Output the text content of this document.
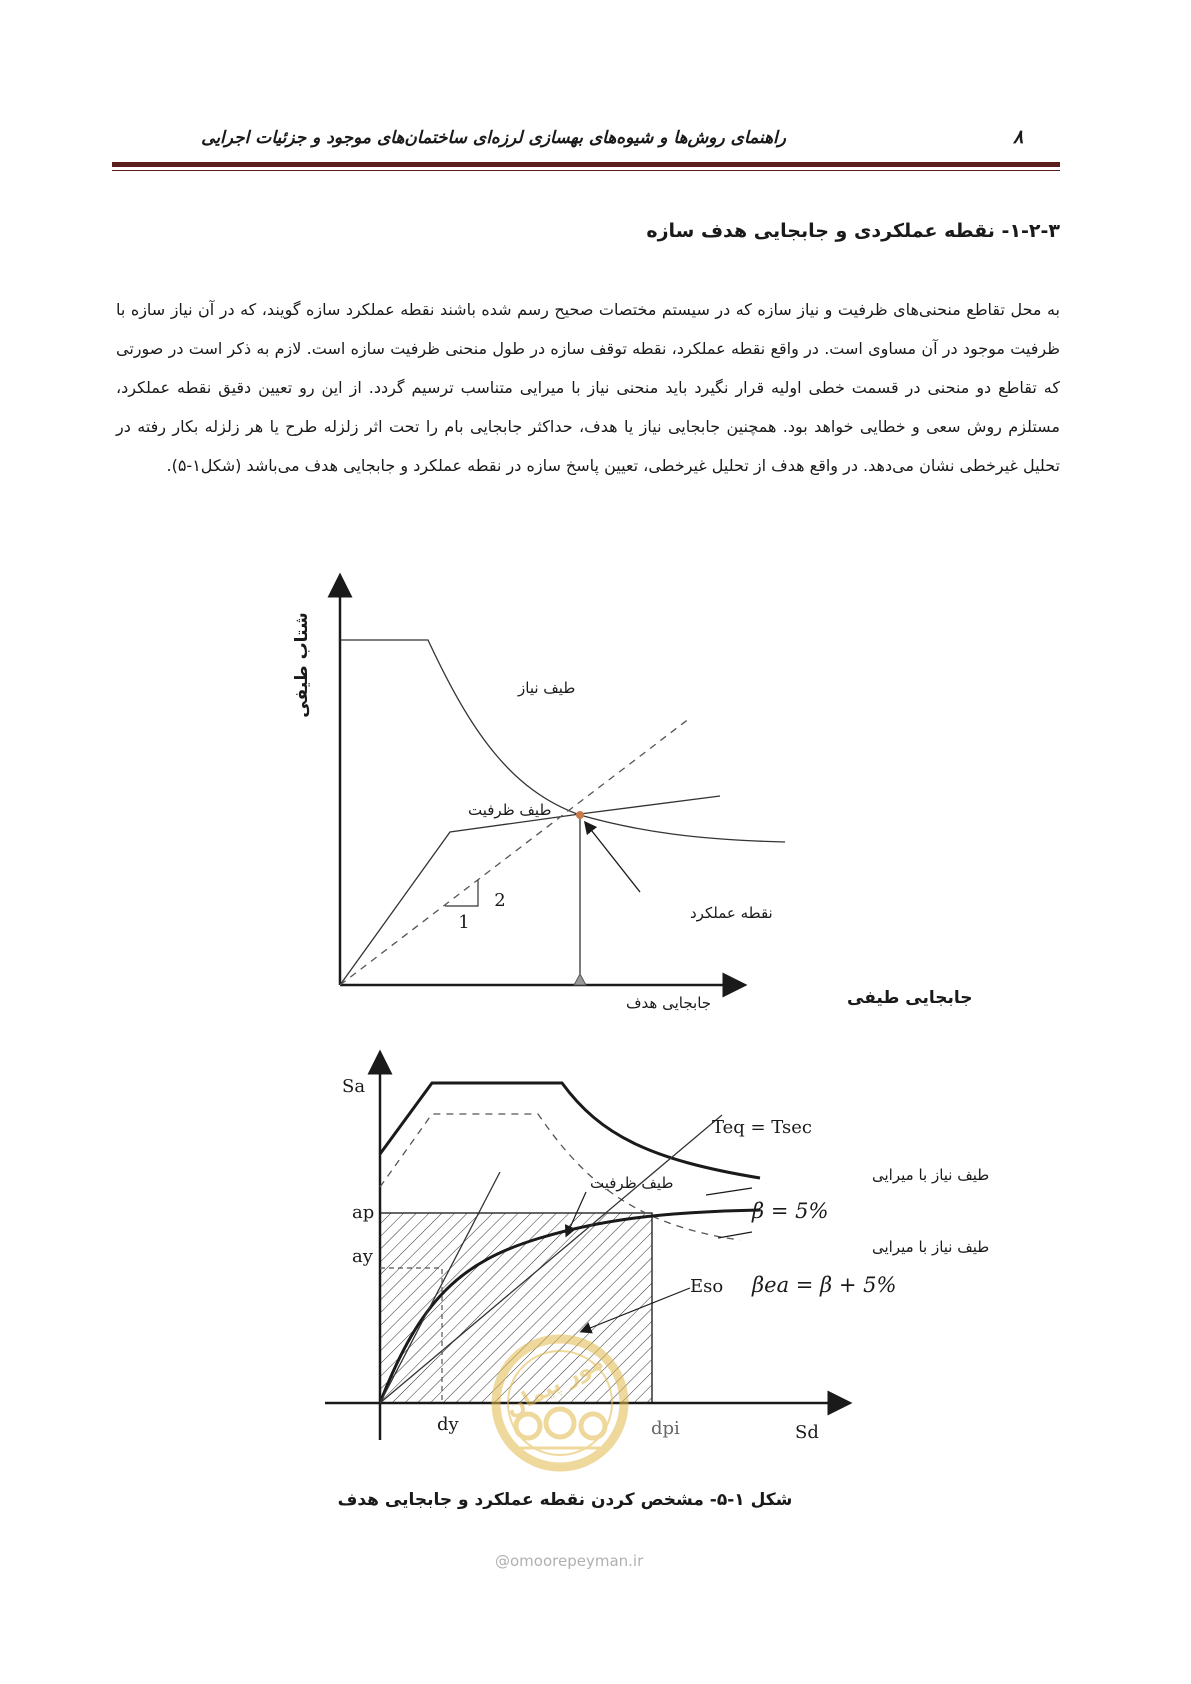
راهنمای روش‌ها و شیوه‌های بهسازی لرزه‌ای ساختمان‌های موجود و جزئیات اجرایی	۸
۱-۲-۳- نقطه عملکردی و جابجایی هدف سازه

به محل تقاطع منحنی‌های ظرفیت و نیاز سازه که در سیستم مختصات صحیح رسم شده باشند نقطه عملکرد سازه گویند، که در آن نیاز سازه با ظرفیت موجود در آن مساوی است. در واقع نقطه عملکرد، نقطه توقف سازه در طول منحنی ظرفیت سازه است. لازم به ذکر است در صورتی که تقاطع دو منحنی در قسمت خطی اولیه قرار نگیرد باید منحنی نیاز با میرایی متناسب ترسیم گردد. از این رو تعیین دقیق نقطه عملکرد، مستلزم روش سعی و خطایی خواهد بود. همچنین جابجایی نیاز یا هدف، حداکثر جابجایی بام را تحت اثر زلزله طرح یا هر زلزله بکار رفته در تحلیل غیرخطی نشان می‌دهد. در واقع هدف از تحلیل غیرخطی، تعیین پاسخ سازه در نقطه عملکرد و جابجایی هدف می‌باشد (شکل۱-۵).

1
2
شتاب طیفی
جابجایی طیفی
طیف نیاز
طیف ظرفیت
نقطه عملکرد
جابجایی هدف
Sa
Sd
ap
ay
dy	dpi
Teq = Tsec
طیف ظرفیت	طیف نیاز با میرایی
β = 5%
طیف نیاز با میرایی
βea = β + 5%
Eso
امور پیمان
شکل ۱-۵- مشخص کردن نقطه عملکرد و جابجایی هدف
@omoorepeyman.ir
